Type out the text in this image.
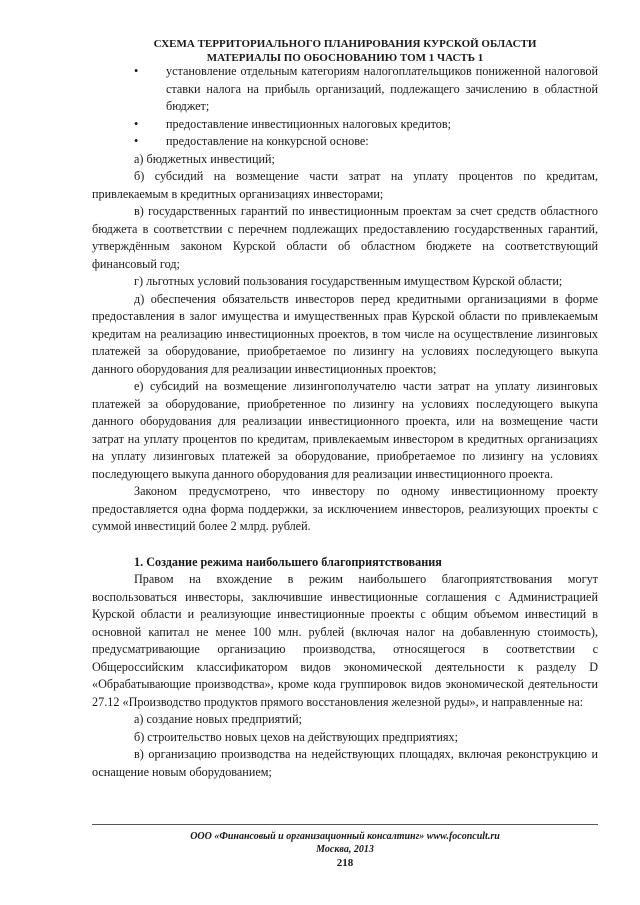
СХЕМА ТЕРРИТОРИАЛЬНОГО ПЛАНИРОВАНИЯ КУРСКОЙ ОБЛАСТИ
МАТЕРИАЛЫ ПО ОБОСНОВАНИЮ ТОМ 1 ЧАСТЬ 1

• установление отдельным категориям налогоплательщиков пониженной налоговой ставки налога на прибыль организаций, подлежащего зачислению в областной бюджет;

• предоставление инвестиционных налоговых кредитов;

• предоставление на конкурсной основе:

а) бюджетных инвестиций;

б) субсидий на возмещение части затрат на уплату процентов по кредитам, привлекаемым в кредитных организациях инвесторами;

в) государственных гарантий по инвестиционным проектам за счет средств областного бюджета в соответствии с перечнем подлежащих предоставлению государственных гарантий, утверждённым законом Курской области об областном бюджете на соответствующий финансовый год;

г) льготных условий пользования государственным имуществом Курской области;

д) обеспечения обязательств инвесторов перед кредитными организациями в форме предоставления в залог имущества и имущественных прав Курской области по привлекаемым кредитам на реализацию инвестиционных проектов, в том числе на осуществление лизинговых платежей за оборудование, приобретаемое по лизингу на условиях последующего выкупа данного оборудования для реализации инвестиционных проектов;

е) субсидий на возмещение лизингополучателю части затрат на уплату лизинговых платежей за оборудование, приобретенное по лизингу на условиях последующего выкупа данного оборудования для реализации инвестиционного проекта, или на возмещение части затрат на уплату процентов по кредитам, привлекаемым инвестором в кредитных организациях на уплату лизинговых платежей за оборудование, приобретаемое по лизингу на условиях последующего выкупа данного оборудования для реализации инвестиционного проекта.

Законом предусмотрено, что инвестору по одному инвестиционному проекту предоставляется одна форма поддержки, за исключением инвесторов, реализующих проекты с суммой инвестиций более 2 млрд. рублей.

1. Создание режима наибольшего благоприятствования

Правом на вхождение в режим наибольшего благоприятствования могут воспользоваться инвесторы, заключившие инвестиционные соглашения с Администрацией Курской области и реализующие инвестиционные проекты с общим объемом инвестиций в основной капитал не менее 100 млн. рублей (включая налог на добавленную стоимость), предусматривающие организацию производства, относящегося в соответствии с Общероссийским классификатором видов экономической деятельности к разделу D «Обрабатывающие производства», кроме кода группировок видов экономической деятельности 27.12 «Производство продуктов прямого восстановления железной руды», и направленные на:

а) создание новых предприятий;

б) строительство новых цехов на действующих предприятиях;

в) организацию производства на недействующих площадях, включая реконструкцию и оснащение новым оборудованием;

ООО «Финансовый и организационный консалтинг» www.foconcult.ru
Москва, 2013
218
